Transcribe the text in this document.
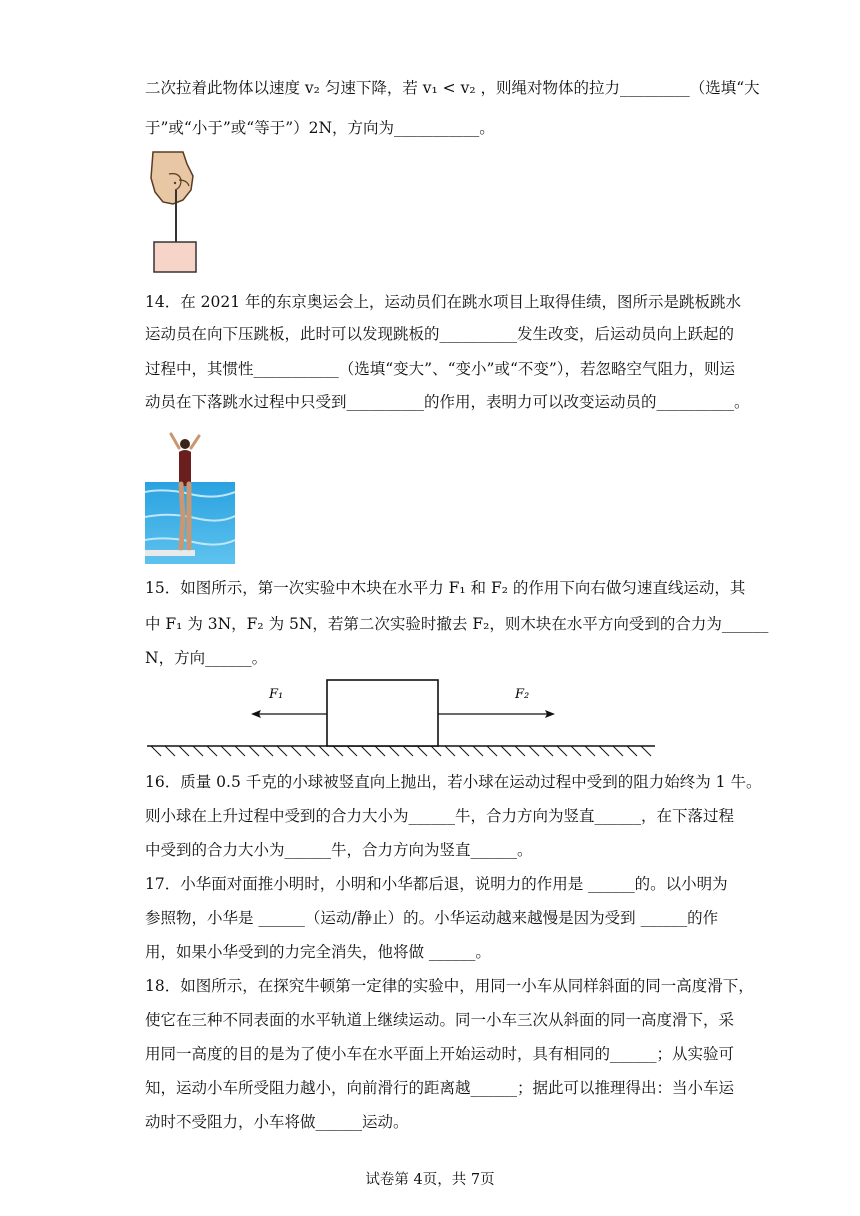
二次拉着此物体以速度 v₂ 匀速下降，若 v₁ < v₂ ，则绳对物体的拉力_________（选填“大
于”或“小于”或“等于”）2N，方向为___________。
14．在 2021 年的东京奥运会上，运动员们在跳水项目上取得佳绩，图所示是跳板跳水
运动员在向下压跳板，此时可以发现跳板的__________发生改变，后运动员向上跃起的
过程中，其惯性___________（选填“变大”、“变小”或“不变”），若忽略空气阻力，则运
动员在下落跳水过程中只受到__________的作用，表明力可以改变运动员的__________。
15．如图所示，第一次实验中木块在水平力 F₁ 和 F₂ 的作用下向右做匀速直线运动，其
中 F₁ 为 3N，F₂ 为 5N，若第二次实验时撤去 F₂，则木块在水平方向受到的合力为______
N，方向______。
F₁	F₂
16．质量 0.5 千克的小球被竖直向上抛出，若小球在运动过程中受到的阻力始终为 1 牛。
则小球在上升过程中受到的合力大小为______牛，合力方向为竖直______，在下落过程
中受到的合力大小为______牛，合力方向为竖直______。
17．小华面对面推小明时，小明和小华都后退，说明力的作用是 ______的。以小明为
参照物，小华是 ______（运动/静止）的。小华运动越来越慢是因为受到 ______的作
用，如果小华受到的力完全消失，他将做 ______。
18．如图所示，在探究牛顿第一定律的实验中，用同一小车从同样斜面的同一高度滑下，
使它在三种不同表面的水平轨道上继续运动。同一小车三次从斜面的同一高度滑下，采
用同一高度的目的是为了使小车在水平面上开始运动时，具有相同的______；从实验可
知，运动小车所受阻力越小，向前滑行的距离越______；据此可以推理得出：当小车运
动时不受阻力，小车将做______运动。
试卷第 4页，共 7页
